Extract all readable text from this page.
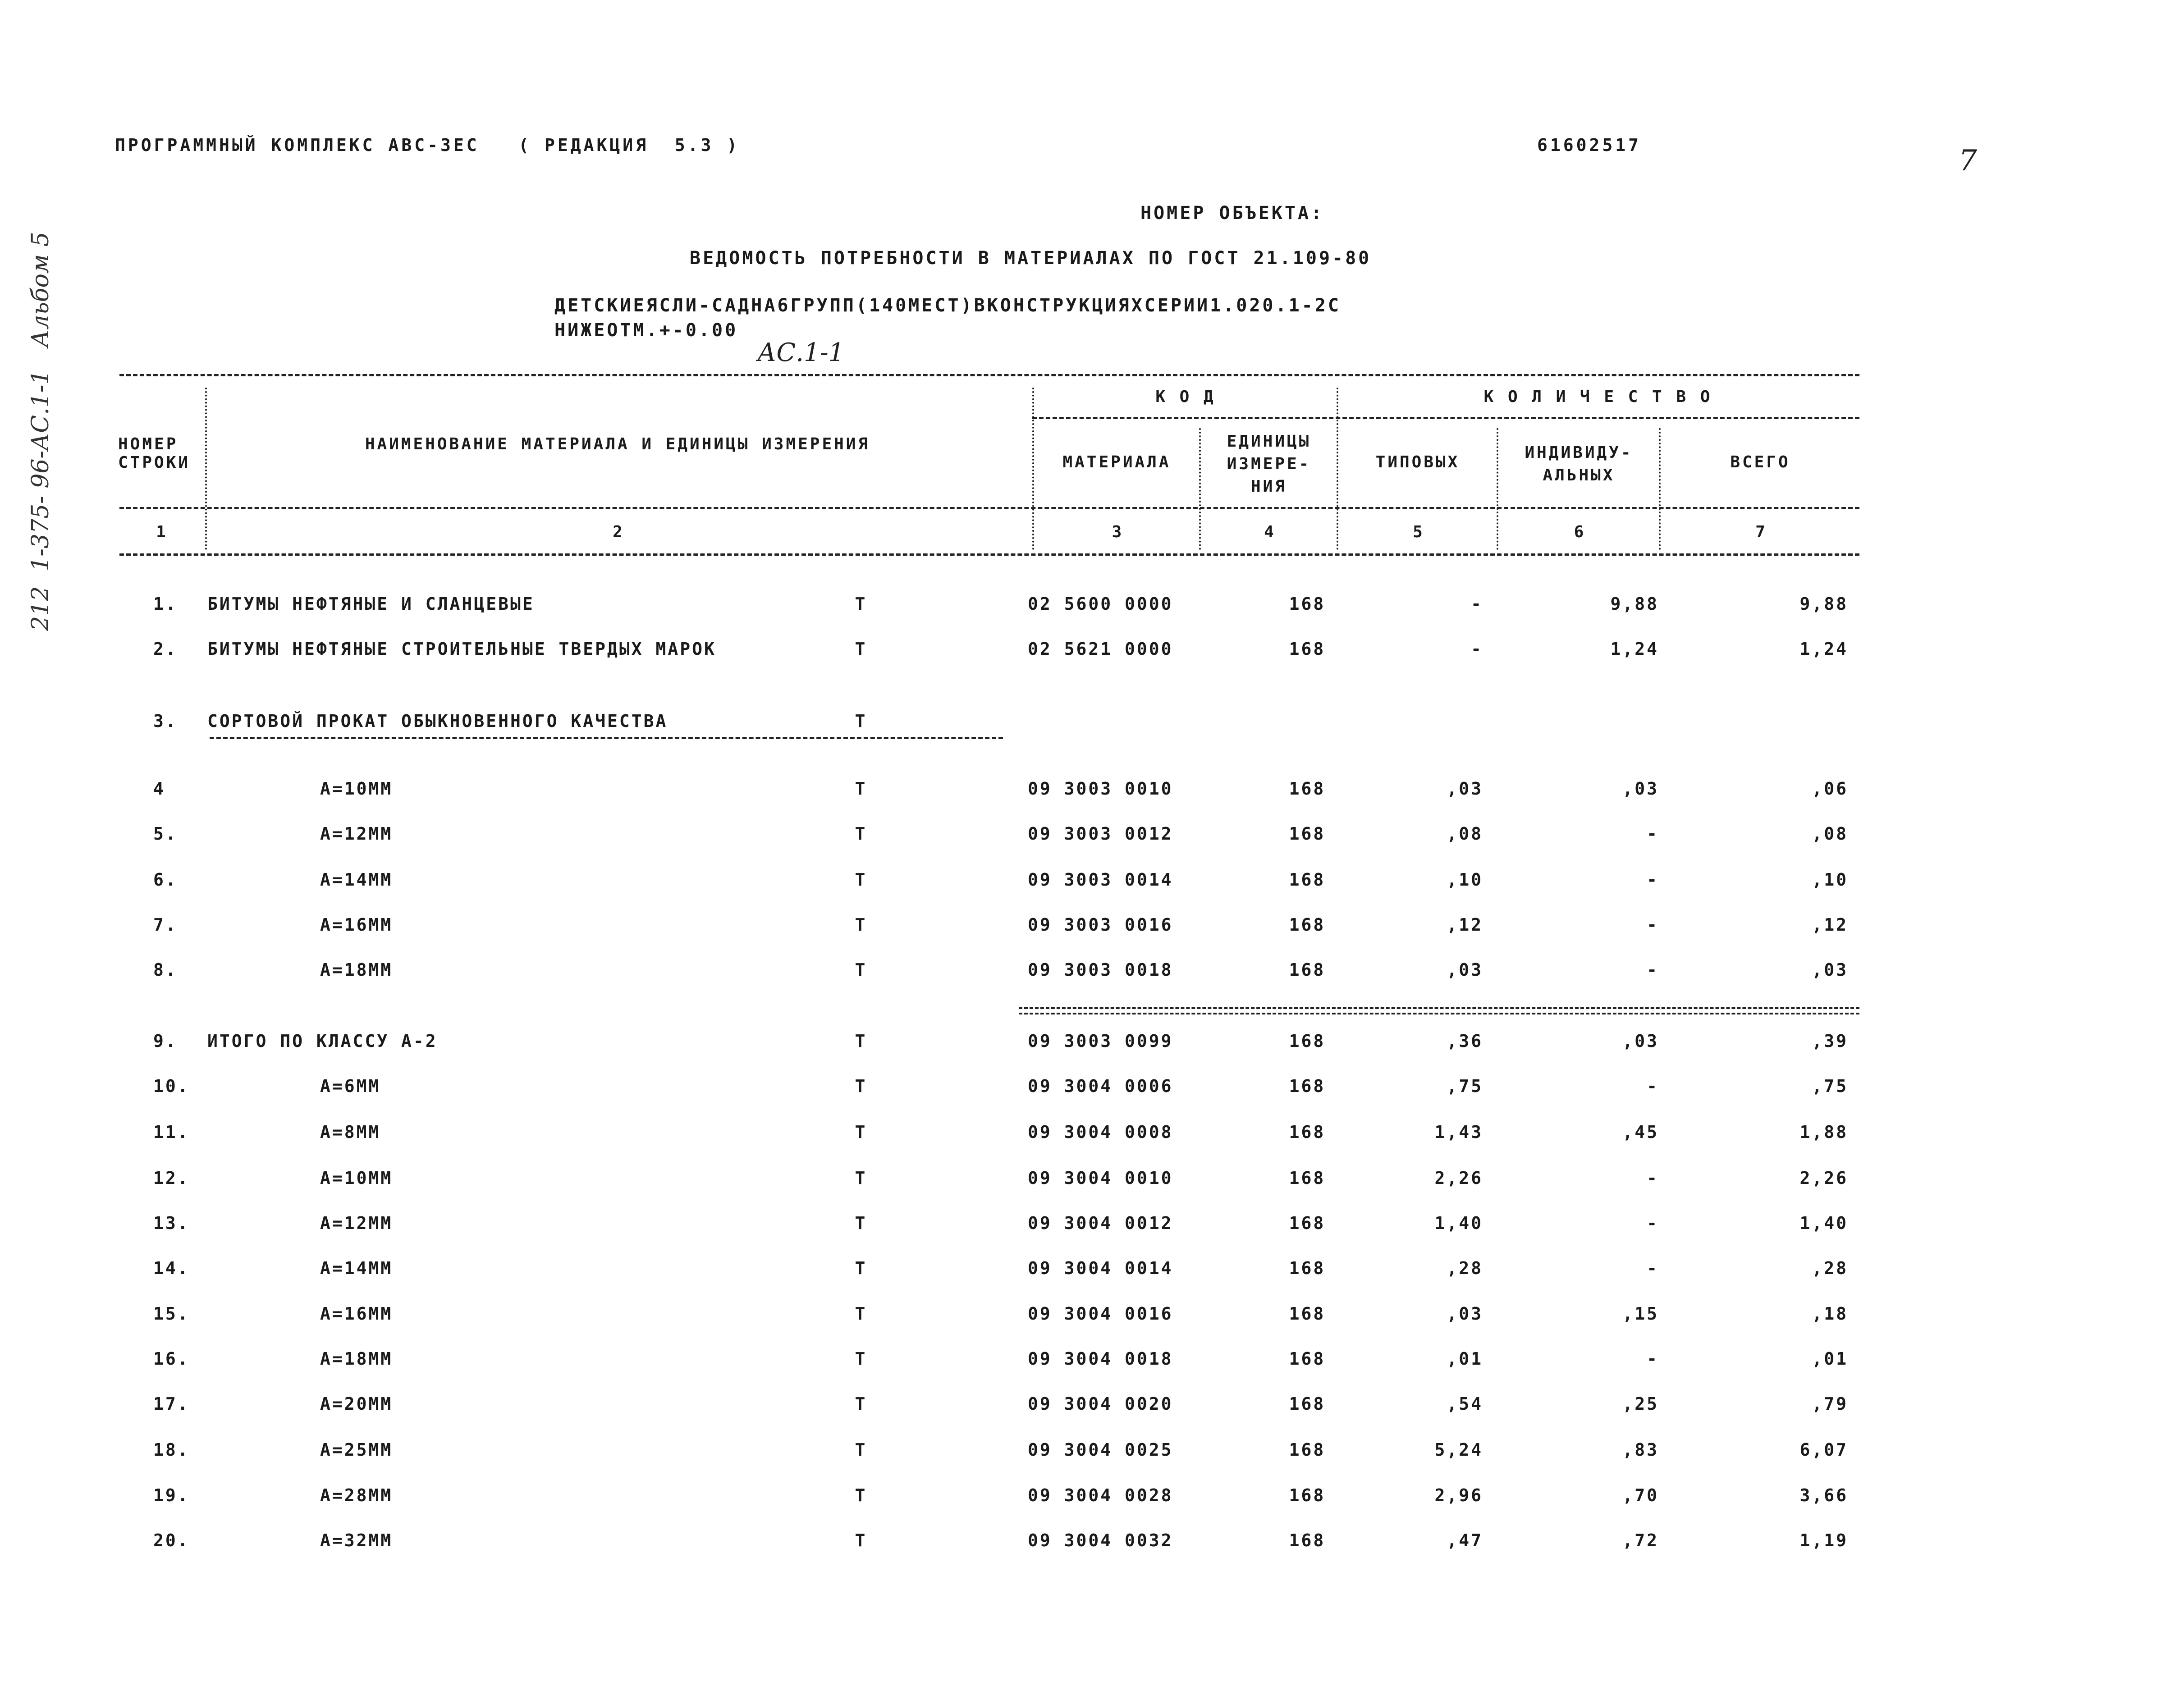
212  1-375- 96-АС.1-1   Альбом 5
ПРОГРАММНЫЙ КОМПЛЕКС АВС-3ЕС   ( РЕДАКЦИЯ  5.3 )	61602517	7
НОМЕР ОБЪЕКТА:
ВЕДОМОСТЬ ПОТРЕБНОСТИ В МАТЕРИАЛАХ ПО ГОСТ 21.109-80
ДЕТСКИЕЯСЛИ-САДНА6ГРУПП(140МЕСТ)ВКОНСТРУКЦИЯХСЕРИИ1.020.1-2С
НИЖЕОТМ.+-0.00
АС.1-1
НОМЕР
СТРОКИ
НАИМЕНОВАНИЕ МАТЕРИАЛА И ЕДИНИЦЫ ИЗМЕРЕНИЯ
К О Д	К О Л И Ч Е С Т В О
МАТЕРИАЛА
ЕДИНИЦЫ
ИЗМЕРЕ-
НИЯ
ТИПОВЫХ
ИНДИВИДУ-
АЛЬНЫХ
ВСЕГО
1	2	3	4	5	6	7
1.	БИТУМЫ НЕФТЯНЫЕ И СЛАНЦЕВЫЕ	Т	02 5600 0000	168	-	9,88	9,88
2.	БИТУМЫ НЕФТЯНЫЕ СТРОИТЕЛЬНЫЕ ТВЕРДЫХ МАРОК	Т	02 5621 0000	168	-	1,24	1,24
3.	СОРТОВОЙ ПРОКАТ ОБЫКНОВЕННОГО КАЧЕСТВА	Т
4	А=10ММ	Т	09 3003 0010	168	,03	,03	,06
5.	А=12ММ	Т	09 3003 0012	168	,08	-	,08
6.	А=14ММ	Т	09 3003 0014	168	,10	-	,10
7.	А=16ММ	Т	09 3003 0016	168	,12	-	,12
8.	А=18ММ	Т	09 3003 0018	168	,03	-	,03
9.	ИТОГО ПО КЛАССУ А-2	Т	09 3003 0099	168	,36	,03	,39
10.	А=6ММ	Т	09 3004 0006	168	,75	-	,75
11.	А=8ММ	Т	09 3004 0008	168	1,43	,45	1,88
12.	А=10ММ	Т	09 3004 0010	168	2,26	-	2,26
13.	А=12ММ	Т	09 3004 0012	168	1,40	-	1,40
14.	А=14ММ	Т	09 3004 0014	168	,28	-	,28
15.	А=16ММ	Т	09 3004 0016	168	,03	,15	,18
16.	А=18ММ	Т	09 3004 0018	168	,01	-	,01
17.	А=20ММ	Т	09 3004 0020	168	,54	,25	,79
18.	А=25ММ	Т	09 3004 0025	168	5,24	,83	6,07
19.	А=28ММ	Т	09 3004 0028	168	2,96	,70	3,66
20.	А=32ММ	Т	09 3004 0032	168	,47	,72	1,19
